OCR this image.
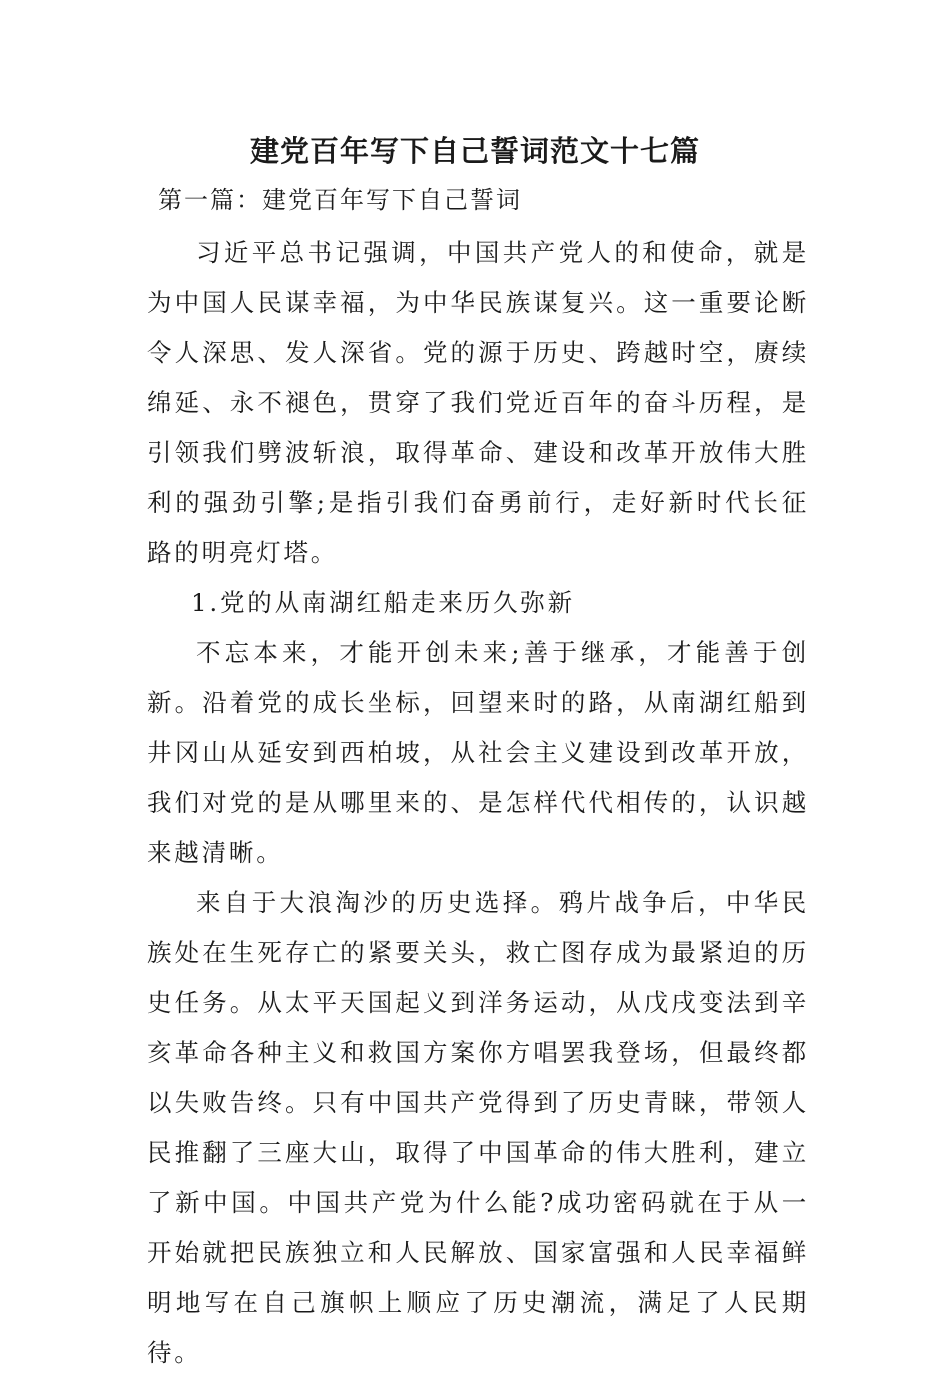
建党百年写下自己誓词范文十七篇
第一篇：建党百年写下自己誓词

习近平总书记强调，中国共产党人的和使命，就是为中国人民谋幸福，为中华民族谋复兴。这一重要论断令人深思、发人深省。党的源于历史、跨越时空，赓续绵延、永不褪色，贯穿了我们党近百年的奋斗历程，是引领我们劈波斩浪，取得革命、建设和改革开放伟大胜利的强劲引擎;是指引我们奋勇前行，走好新时代长征路的明亮灯塔。

1.党的从南湖红船走来历久弥新

不忘本来，才能开创未来;善于继承，才能善于创新。沿着党的成长坐标，回望来时的路，从南湖红船到井冈山从延安到西柏坡，从社会主义建设到改革开放，我们对党的是从哪里来的、是怎样代代相传的，认识越来越清晰。

来自于大浪淘沙的历史选择。鸦片战争后，中华民族处在生死存亡的紧要关头，救亡图存成为最紧迫的历史任务。从太平天国起义到洋务运动，从戊戌变法到辛亥革命各种主义和救国方案你方唱罢我登场，但最终都以失败告终。只有中国共产党得到了历史青睐，带领人民推翻了三座大山，取得了中国革命的伟大胜利，建立了新中国。中国共产党为什么能?成功密码就在于从一开始就把民族独立和人民解放、国家富强和人民幸福鲜明地写在自己旗帜上顺应了历史潮流，满足了人民期待。
